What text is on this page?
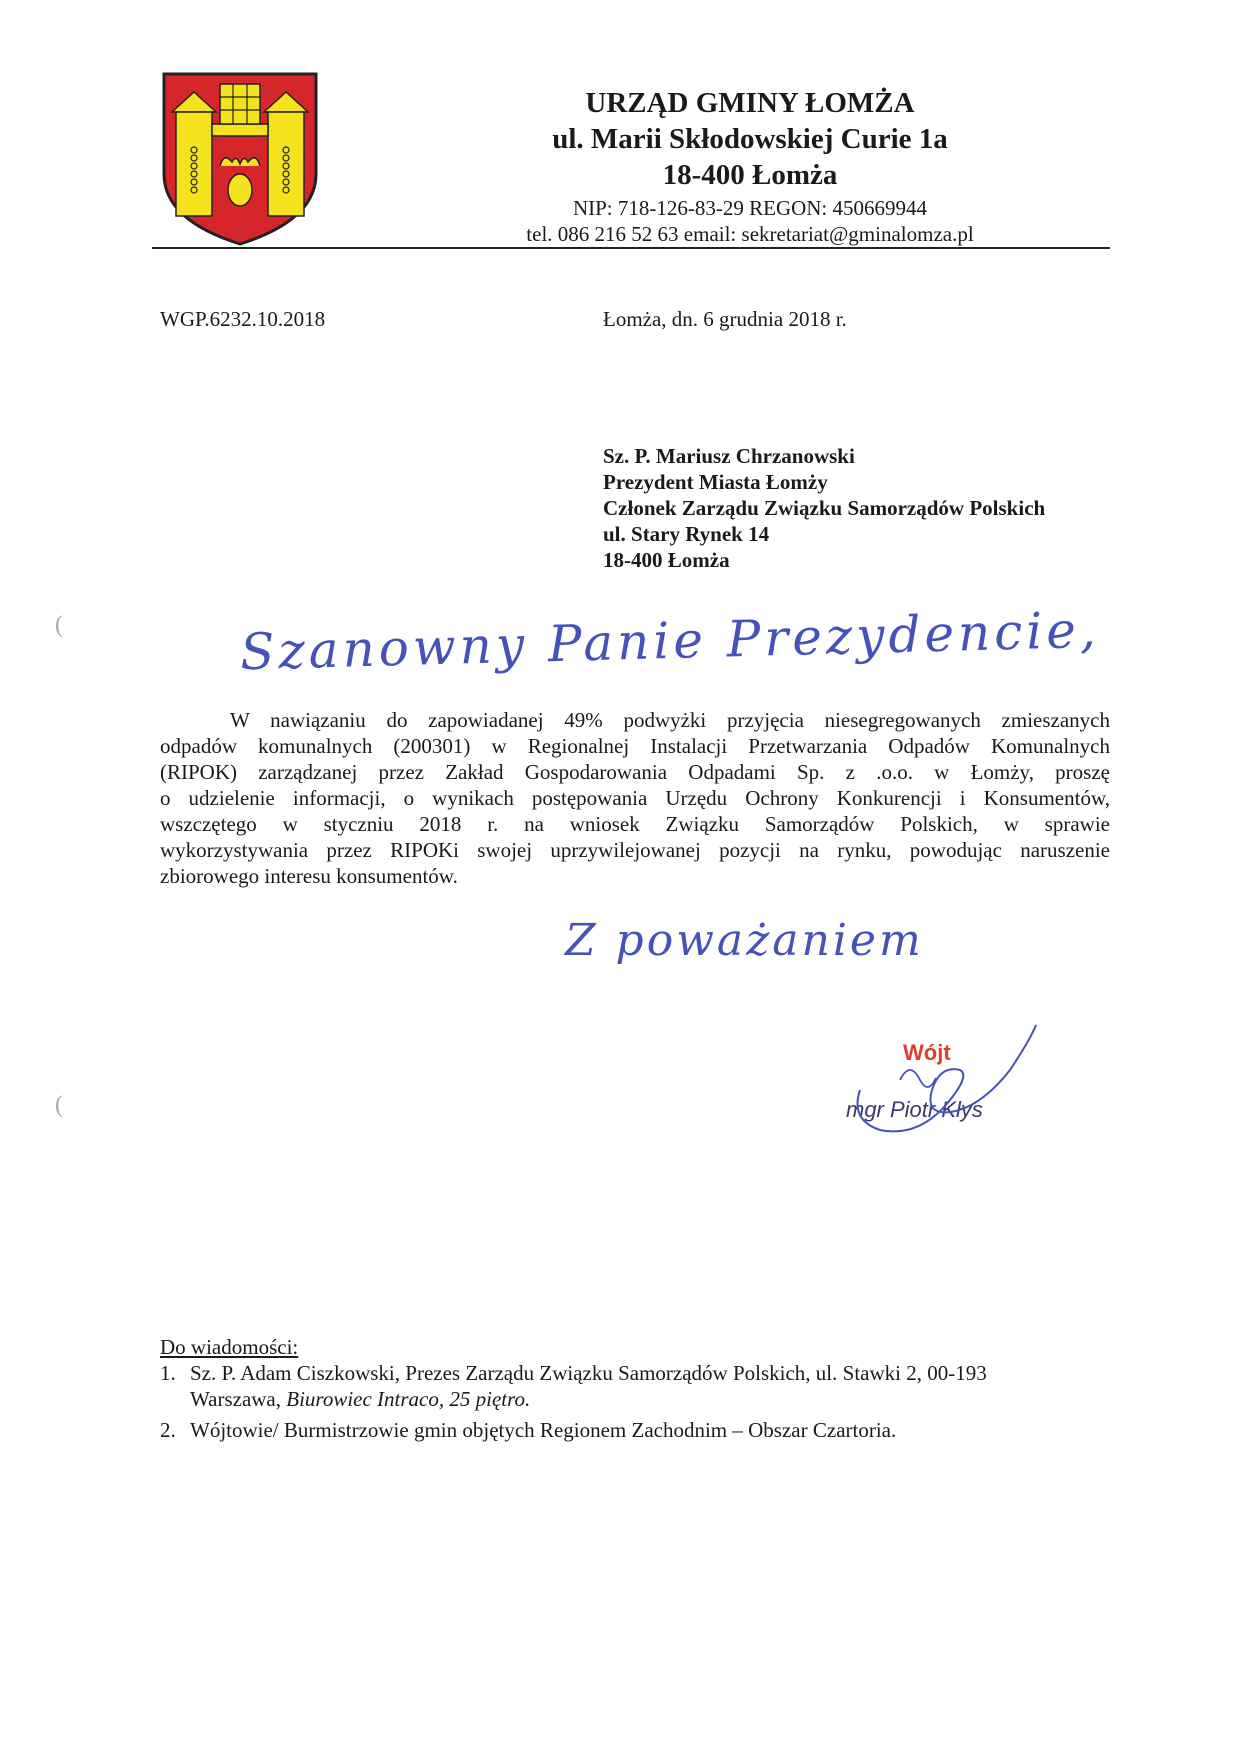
URZĄD GMINY ŁOMŻA
ul. Marii Skłodowskiej Curie 1a
18-400 Łomża
NIP: 718-126-83-29 REGON: 450669944
tel. 086 216 52 63 email: sekretariat@gminalomza.pl
WGP.6232.10.2018	Łomża, dn. 6 grudnia 2018 r.
Sz. P. Mariusz Chrzanowski
Prezydent Miasta Łomży
Członek Zarządu Związku Samorządów Polskich
ul. Stary Rynek 14
18-400 Łomża
Szanowny Panie Prezydencie,
(
(
W nawiązaniu do zapowiadanej 49% podwyżki przyjęcia niesegregowanych zmieszanych
odpadów komunalnych (200301) w Regionalnej Instalacji Przetwarzania Odpadów Komunalnych
(RIPOK) zarządzanej przez Zakład Gospodarowania Odpadami Sp. z .o.o. w Łomży, proszę
o udzielenie informacji, o wynikach postępowania Urzędu Ochrony Konkurencji i Konsumentów,
wszczętego w styczniu 2018 r. na wniosek Związku Samorządów Polskich, w sprawie
wykorzystywania przez RIPOKi swojej uprzywilejowanej pozycji na rynku, powodując naruszenie
zbiorowego interesu konsumentów.
Z poważaniem
Wójt
mgr Piotr Kłys
Do wiadomości:
1. Sz. P. Adam Ciszkowski, Prezes Zarządu Związku Samorządów Polskich, ul. Stawki 2, 00-193
Warszawa, Biurowiec Intraco, 25 piętro.
2. Wójtowie/ Burmistrzowie gmin objętych Regionem Zachodnim – Obszar Czartoria.
